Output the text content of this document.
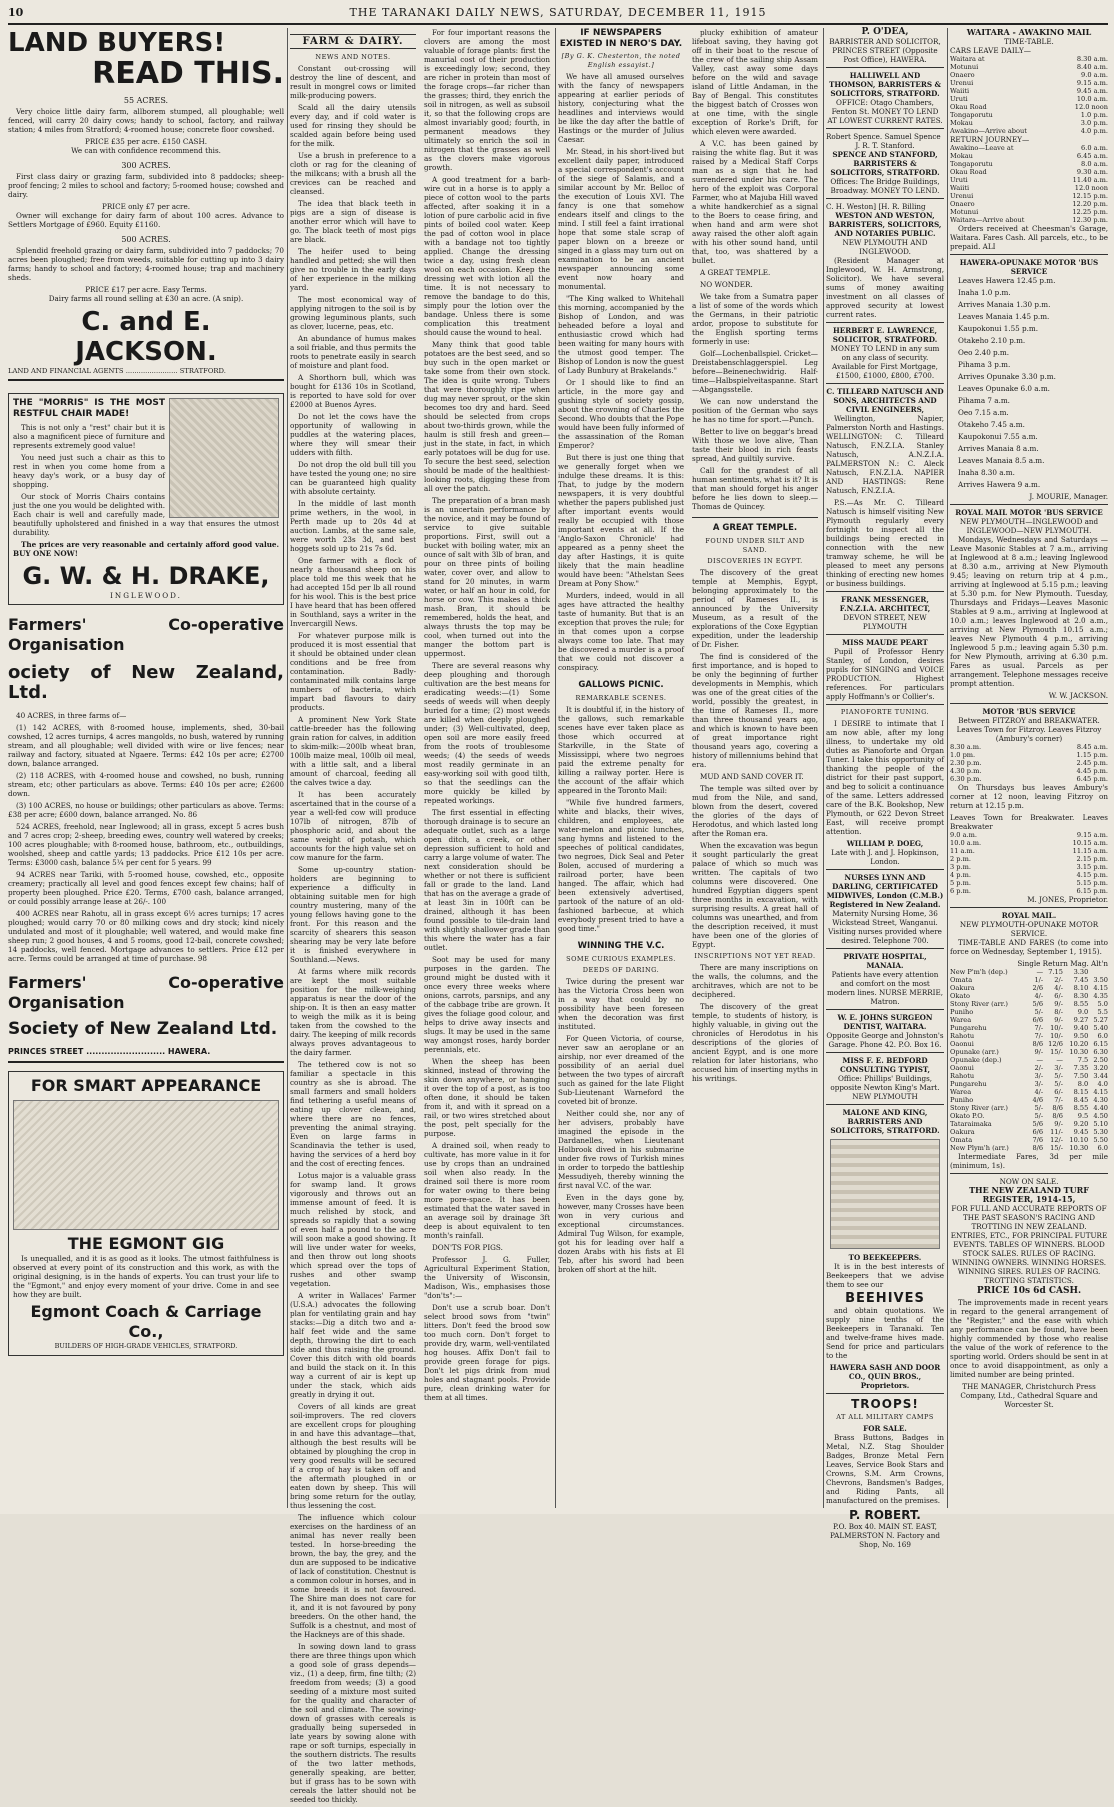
10	THE TARANAKI DAILY NEWS, SATURDAY, DECEMBER 11, 1915
LAND BUYERS!
READ THIS.
55 ACRES.
Very choice little dairy farm, allborem stumped, all ploughable; well fenced, will carry 20 dairy cows; handy to school, factory, and railway station; 4 miles from Stratford; 4-roomed house; concrete floor cowshed.
PRICE £35 per acre. £150 CASH.
We can with confidence recommend this.
300 ACRES.
First class dairy or grazing farm, subdivided into 8 paddocks; sheep-proof fencing; 2 miles to school and factory; 5-roomed house; cowshed and dairy.
PRICE only £7 per acre.
Owner will exchange for dairy farm of about 100 acres. Advance to Settlers Mortgage of £960. Equity £1160.
500 ACRES.
Splendid freehold grazing or dairy farm, subdivided into 7 paddocks; 70 acres been ploughed; free from weeds, suitable for cutting up into 3 dairy farms; handy to school and factory; 4-roomed house; trap and machinery sheds.
PRICE £17 per acre. Easy Terms.
Dairy farms all round selling at £30 an acre. (A snip).
C. and E. JACKSON.
LAND AND FINANCIAL AGENTS ........................ STRATFORD.
THE "MORRIS" IS THE MOST RESTFUL CHAIR MADE!
This is not only a "rest" chair but it is also a magnificent piece of furniture and represents extremely good value!
You need just such a chair as this to rest in when you come home from a heavy day's work, or a busy day of shopping.
Our stock of Morris Chairs contains just the one you would be delighted with. Each chair is well and carefully made, beautifully upholstered and finished in a way that ensures the utmost durability.
The prices are very reasonable and certainly afford good value. BUY ONE NOW!
G. W. & H. DRAKE,
INGLEWOOD.
Farmers' Co-operative Organisation
ociety of New Zealand, Ltd.
40 ACRES, in three farms of—
(1) 142 ACRES, with 8-roomed house, implements, shed, 30-bail cowshed, 12 acres turnips, 4 acres mangolds, no bush, watered by running stream, and all ploughable; well divided with wire or live fences; near railway and factory, situated at Ngaere. Terms: £42 10s per acre; £2700 down, balance arranged.
(2) 118 ACRES, with 4-roomed house and cowshed, no bush, running stream, etc; other particulars as above. Terms: £40 10s per acre; £2600 down.
(3) 100 ACRES, no house or buildings; other particulars as above. Terms: £38 per acre; £600 down, balance arranged. No. 86
524 ACRES, freehold, near Inglewood; all in grass, except 5 acres bush and 7 acres crop; 2-sheep, breeding ewes, country well watered by creeks; 100 acres ploughable; with 8-roomed house, bathroom, etc., outbuildings, woolshed, sheep and cattle yards; 13 paddocks. Price £12 10s per acre. Terms: £3000 cash, balance 5¼ per cent for 5 years. 99
94 ACRES near Tariki, with 5-roomed house, cowshed, etc., opposite creamery; practically all level and good fences except few chains; half of property been ploughed. Price £20. Terms, £700 cash, balance arranged, or could possibly arrange lease at 26/-. 100
400 ACRES near Rahotu, all in grass except 6½ acres turnips; 17 acres ploughed; would carry 70 or 80 milking cows and dry stock; kind nicely undulated and most of it ploughable; well watered, and would make fine sheep run; 2 good houses, 4 and 5 rooms, good 12-bail, concrete cowshed; 14 paddocks, well fenced. Mortgage advances to settlers. Price £12 per acre. Terms could be arranged at time of purchase. 98
Farmers' Co-operative Organisation
Society of New Zealand Ltd.
PRINCES STREET .......................... HAWERA.
FOR SMART APPEARANCE
THE EGMONT GIG
Is unequalled, and it is as good as it looks. The utmost faithfulness is observed at every point of its construction and this work, as with the original designing, is in the hands of experts. You can trust your life to the "Egmont," and enjoy every moment of your drive. Come in and see how they are built.
Egmont Coach & Carriage Co.,
BUILDERS OF HIGH-GRADE VEHICLES, STRATFORD.
FARM & DAIRY.
NEWS AND NOTES.
Constant out-crossing will destroy the line of descent, and result in mongrel cows or limited milk-producing powers.
Scald all the dairy utensils every day, and if cold water is used for rinsing they should be scalded again before being used for the milk.
Use a brush in preference to a cloth or rag for the cleaning of the milkcans; with a brush all the crevices can be reached and cleansed.
The idea that black teeth in pigs are a sign of disease is another error which will have to go. The black teeth of most pigs are black.
The heifer used to being handled and petted; she will then give no trouble in the early days of her experience in the milking yard.
The most economical way of applying nitrogen to the soil is by growing leguminous plants, such as clover, lucerne, peas, etc.
An abundance of humus makes a soil friable, and thus permits the roots to penetrate easily in search of moisture and plant food.
A Shorthorn bull, which was bought for £136 10s in Scotland, is reported to have sold for over £2000 at Buenos Ayres.
Do not let the cows have the opportunity of wallowing in puddles at the watering places, where they will smear their udders with filth.
Do not drop the old bull till you have tested the young one; no sire can be guaranteed high quality with absolute certainty.
In the middle of last month prime wethers, in the wool, in Perth made up to 20s 4d at auction. Lambs, at the same sale, were worth 23s 3d, and best hoggets sold up to 21s 7s 6d.
One farmer with a flock of nearly a thousand sheep on his place told me this week that he had accepted 15d per lb all round for his wool. This is the best price I have heard that has been offered in Southland, says a writer in the Invercargill News.
For whatever purpose milk is produced it is most essential that it should be obtained under clean conditions and be free from contamination. Badly-contaminated milk contains large numbers of bacteria, which impart bad flavours to dairy products.
A prominent New York State cattle-breeder has the following grain ration for calves, in addition to skim-milk:—200lb wheat bran, 100lb maize meal, 100lb oil meal, with a little salt, and a liberal amount of charcoal, feeding all the calves twice a day.
It has been accurately ascertained that in the course of a year a well-fed cow will produce 107lb of nitrogen, 87lb of phosphoric acid, and about the same weight of potash, which accounts for the high value set on cow manure for the farm.
Some up-country station-holders are beginning to experience a difficulty in obtaining suitable men for high country mustering, many of the young fellows having gone to the front. For this reason and the scarcity of shearers this season shearing may be very late before it is finished everywhere in Southland.—News.
At farms where milk records are kept the most suitable position for the milk-weighing apparatus is near the door of the ship-on. It is then an easy matter to weigh the milk as it is being taken from the cowshed to the dairy. The keeping of milk records always proves advantageous to the dairy farmer.
The tethered cow is not so familiar a spectacle in this country as she is abroad. The small farmers and small holders find tethering a useful means of eating up clover clean, and, where there are no fences, preventing the animal straying. Even on large farms in Scandinavia the tether is used, having the services of a herd boy and the cost of erecting fences.
Lotus major is a valuable grass for swamp land. It grows vigorously and throws out an immense amount of feed. It is much relished by stock, and spreads so rapidly that a sowing of even half a pound to the acre will soon make a good showing. It will live under water for weeks, and then throw out long shoots which spread over the tops of rushes and other swamp vegetation.
A writer in Wallaces' Farmer (U.S.A.) advocates the following plan for ventilating grain and hay stacks:—Dig a ditch two and a-half feet wide and the same depth, throwing the dirt to each side and thus raising the ground. Cover this ditch with old boards and build the stack on it. In this way a current of air is kept up under the stack, which aids greatly in drying it out.
Covers of all kinds are great soil-improvers. The red clovers are excellent crops for ploughing in and have this advantage—that, although the best results will be obtained by ploughing the crop in very good results will be secured if a crop of hay is taken off and the aftermath ploughed in or eaten down by sheep. This will bring some return for the outlay, thus lessening the cost.
The influence which colour exercises on the hardiness of an animal has never really been tested. In horse-breeding the brown, the bay, the grey, and the dun are supposed to be indicative of lack of constitution. Chestnut is a common colour in horses, and in some breeds it is not favoured. The Shire man does not care for it, and it is not favoured by pony breeders. On the other hand, the Suffolk is a chestnut, and most of the Hackneys are of this shade.
In sowing down land to grass there are three things upon which a good sole of grass depends—viz., (1) a deep, firm, fine tilth; (2) freedom from weeds; (3) a good seeding of a mixture most suited for the quality and character of the soil and climate. The sowing-down of grasses with cereals is gradually being superseded in late years by sowing alone with rape or soft turnips, especially in the southern districts. The results of the two latter methods, generally speaking, are better, but if grass has to be sown with cereals the latter should not be seeded too thickly.
For four important reasons the clovers are among the most valuable of forage plants: first the manurial cost of their production is exceedingly low; second, they are richer in protein than most of the forage crops—far richer than the grasses; third, they enrich the soil in nitrogen, as well as subsoil it, so that the following crops are almost invariably good; fourth, in permanent meadows they ultimately so enrich the soil in nitrogen that the grasses as well as the clovers make vigorous growth.
A good treatment for a barb-wire cut in a horse is to apply a piece of cotton wool to the parts affected, after soaking it in a lotion of pure carbolic acid in five pints of boiled cool water. Keep the pad of cotton wool in place with a bandage not too tightly applied. Change the dressing twice a day, using fresh clean wool on each occasion. Keep the dressing wet with lotion all the time. It is not necessary to remove the bandage to do this, simply pour the lotion over the bandage. Unless there is some complication this treatment should cause the wound to heal.
Many think that good table potatoes are the best seed, and so buy such in the open market or take some from their own stock. The idea is quite wrong. Tubers that were thoroughly ripe when dug may never sprout, or the skin becomes too dry and hard. Seed should be selected from crops about two-thirds grown, while the haulm is still fresh and green—just in the state, in fact, in which early potatoes will be dug for use. To secure the best seed, selection should be made of the healthiest-looking roots, digging these from all over the patch.
The preparation of a bran mash is an uncertain performance by the novice, and it may be found of service to give suitable proportions. First, swill out a bucket with boiling water, mix an ounce of salt with 3lb of bran, and pour on three pints of boiling water, cover over, and allow to stand for 20 minutes, in warm water, or half an hour in cold, for horse or cow. This makes a thick mash. Bran, it should be remembered, holds the heat, and always thrusts the top may be cool, when turned out into the manger the bottom part is uppermost.
There are several reasons why deep ploughing and thorough cultivation are the best means for eradicating weeds:—(1) Some seeds of weeds will when deeply buried for a time; (2) most weeds are killed when deeply ploughed under; (3) Well-cultivated, deep, open soil are more easily freed from the roots of troublesome weeds; (4) the seeds of weeds most readily germinate in an easy-working soil with good tilth, so that the seedlings can the more quickly be killed by repeated workings.
The first essential in effecting thorough drainage is to secure an adequate outlet, such as a large open ditch, a creek, or other depression sufficient to hold and carry a large volume of water. The next consideration should be whether or not there is sufficient fall or grade to the land. Land that has on the average a grade of at least 3in in 100ft can be drained, although it has been found possible to tile-drain land with slightly shallower grade than this where the water has a fair outlet.
Soot may be used for many purposes in the garden. The ground might be dusted with it once every three weeks where onions, carrots, parsnips, and any of the cabbage tribe are grown. It gives the foliage good colour, and helps to drive away insects and slugs. It may be used in the same way amongst roses, hardy border perennials, etc.
When the sheep has been skinned, instead of throwing the skin down anywhere, or hanging it over the top of a post, as is too often done, it should be taken from it, and with it spread on a rail, or two wires stretched about the post, pelt specially for the purpose.
A drained soil, when ready to cultivate, has more value in it for use by crops than an undrained soil when also ready. In the drained soil there is more room for water owing to there being more pore-space. It has been estimated that the water saved in an average soil by drainage 3ft deep is about equivalent to ten month's rainfall.
DON'TS FOR PIGS.
Professor J. G. Fuller, Agricultural Experiment Station, the University of Wisconsin, Madison, Wis., emphasises those "don'ts":—
Don't use a scrub boar. Don't select brood sows from "twin" litters. Don't feed the brood sow too much corn. Don't forget to provide dry, warm, well-ventilated hog houses. Affix Don't fail to provide green forage for pigs. Don't let pigs drink from mud holes and stagnant pools. Provide pure, clean drinking water for them at all times.
IF NEWSPAPERS EXISTED IN NERO'S DAY.
[By G. K. Chesterton, the noted English essayist.]
We have all amused ourselves with the fancy of newspapers appearing at earlier periods of history, conjecturing what the headlines and interviews would be like the day after the battle of Hastings or the murder of Julius Caesar.
Mr. Stead, in his short-lived but excellent daily paper, introduced a special correspondent's account of the siege of Salamis, and a similar account by Mr. Belloc of the execution of Louis XVI. The fancy is one that somehow endears itself and clings to the mind. I still feel a faint irrational hope that some stale scrap of paper blown on a breeze or singed in a glass may turn out on examination to be an ancient newspaper announcing some event now hoary and monumental.
"The King walked to Whitehall this morning, accompanied by the Bishop of London, and was beheaded before a loyal and enthusiastic crowd which had been waiting for many hours with the utmost good temper. The Bishop of London is now the guest of Lady Bunbury at Brakelands."
Or I should like to find an article, in the more gay and gushing style of society gossip, about the crowning of Charles the Second. Who doubts that the Pope would have been fully informed of the assassination of the Roman Emperor?
But there is just one thing that we generally forget when we indulge these dreams. It is this: That, to judge by the modern newspapers, it is very doubtful whether the papers published just after important events would really be occupied with those important events at all. If the 'Anglo-Saxon Chronicle' had appeared as a penny sheet the day after Hastings, it is quite likely that the main headline would have been: "Athelstan Sees Dream at Pony Show."
Murders, indeed, would in all ages have attracted the healthy taste of humanity. But that is an exception that proves the rule; for in that comes upon a corpse always come too late. That may be discovered a murder is a proof that we could not discover a conspiracy.
GALLOWS PICNIC.
REMARKABLE SCENES.
It is doubtful if, in the history of the gallows, such remarkable scenes have ever taken place as those which occurred at Starkville, in the State of Mississippi, where two negroes paid the extreme penalty for killing a railway porter. Here is the account of the affair which appeared in the Toronto Mail:
"While five hundred farmers, white and blacks, their wives, children, and employees, ate water-melon and picnic lunches, sang hymns and listened to the speeches of political candidates, two negroes, Dick Seal and Peter Bolen, accused of murdering a railroad porter, have been hanged. The affair, which had been extensively advertised, partook of the nature of an old-fashioned barbecue, at which everybody present tried to have a good time."
WINNING THE V.C.
SOME CURIOUS EXAMPLES.
DEEDS OF DARING.
Twice during the present war has the Victoria Cross been won in a way that could by no possibility have been foreseen when the decoration was first instituted.
For Queen Victoria, of course, never saw an aeroplane or an airship, nor ever dreamed of the possibility of an aerial duel between the two types of aircraft such as gained for the late Flight Sub-Lieutenant Warneford the coveted bit of bronze.
Neither could she, nor any of her advisers, probably have imagined the episode in the Dardanelles, when Lieutenant Holbrook dived in his submarine under five rows of Turkish mines in order to torpedo the battleship Messudiyeh, thereby winning the first naval V.C. of the war.
Even in the days gone by, however, many Crosses have been won in very curious and exceptional circumstances. Admiral Tug Wilson, for example, got his for leading over half a dozen Arabs with his fists at El Teb, after his sword had been broken off short at the hilt.
plucky exhibition of amateur lifeboat saving, they having got off in their boat to the rescue of the crew of the sailing ship Assam Valley, cast away some days before on the wild and savage island of Little Andaman, in the Bay of Bengal. This constitutes the biggest batch of Crosses won at one time, with the single exception of Rorke's Drift, for which eleven were awarded.
A V.C. has been gained by raising the white flag. But it was raised by a Medical Staff Corps man as a sign that he had surrendered under his care. The hero of the exploit was Corporal Farmer, who at Majuba Hill waved a white handkerchief as a signal to the Boers to cease firing, and when hand and arm were shot away raised the other aloft again with his other sound hand, until that, too, was shattered by a bullet.
A GREAT TEMPLE.
NO WONDER.
We take from a Sumatra paper a list of some of the words which the Germans, in their patriotic ardor, propose to substitute for the English sporting terms formerly in use:
Golf—Lochenballspiel. Cricket—Dreistabenschlaggerspiel. Leg before—Beinenechwidrig. Half-time—Halbspielveitaspanne. Start—Abgangsstelle.
We can now understand the position of the German who says he has no time for sport.—Punch.
Better to live on beggar's bread With those we love alive, Than taste their blood in rich feasts spread, And guiltily survive.
Call for the grandest of all human sentiments, what is it? It is that man should forget his anger before he lies down to sleep.—Thomas de Quincey.
A GREAT TEMPLE.
FOUND UNDER SILT AND SAND.
DISCOVERIES IN EGYPT.
The discovery of the great temple at Memphis, Egypt, belonging approximately to the period of Rameses II., is announced by the University Museum, as a result of the explorations of the Coxe Egyptian expedition, under the leadership of Dr. Fisher.
The find is considered of the first importance, and is hoped to be only the beginning of further developments in Memphis, which was one of the great cities of the world, possibly the greatest, in the time of Rameses II., more than three thousand years ago, and which is known to have been of great importance right thousand years ago, covering a history of millenniums behind that era.
MUD AND SAND COVER IT.
The temple was silted over by mud from the Nile, and sand, blown from the desert, covered the glories of the days of Herodotus, and which lasted long after the Roman era.
When the excavation was begun it sought particularly the great palace of which so much was written. The capitals of two columns were discovered. One hundred Egyptian diggers spent three months in excavation, with surprising results. A great hall of columns was unearthed, and from the description received, it must have been one of the glories of Egypt.
INSCRIPTIONS NOT YET READ.
There are many inscriptions on the walls, the columns, and the architraves, which are not to be deciphered.
The discovery of the great temple, to students of history, is highly valuable, in giving out the chronicles of Herodotus in his descriptions of the glories of ancient Egypt, and is one more relation for later historians, who accused him of inserting myths in his writings.
P. O'DEA,
BARRISTER AND SOLICITOR,
PRINCES STREET (Opposite Post Office), HAWERA.
HALLIWELL AND THOMSON, BARRISTERS & SOLICITORS, STRATFORD.
OFFICE: Otago Chambers, Fenton St. MONEY TO LEND AT LOWEST CURRENT RATES.
Robert Spence. Samuel Spence
J. R. T. Stanford.
SPENCE AND STANFORD, BARRISTERS & SOLICITORS, STRATFORD.
Offices: The Bridge Buildings, Broadway. MONEY TO LEND.
C. H. Weston] [H. R. Billing
WESTON AND WESTON, BARRISTERS, SOLICITORS, AND NOTARIES PUBLIC.
NEW PLYMOUTH AND INGLEWOOD.
(Resident Manager at Inglewood, W. H. Armstrong, Solicitor). We have several sums of money awaiting investment on all classes of approved security at lowest current rates.
HERBERT E. LAWRENCE, SOLICITOR, STRATFORD.
MONEY TO LEND in any sum on any class of security. Available for First Mortgage, £1500, £1000, £800, £700.
C. TILLEARD NATUSCH AND SONS, ARCHITECTS AND CIVIL ENGINEERS,
Wellington, Napier, Palmerston North and Hastings. WELLINGTON: C. Tilleard Natusch, F.N.Z.I.A. Stanley Natusch, A.N.Z.I.A. PALMERSTON N.: C. Aleck Natusch, F.N.Z.I.A. NAPIER AND HASTINGS: Rene Natusch, F.N.Z.I.A.
P.S.—As Mr. C. Tilleard Natusch is himself visiting New Plymouth regularly every fortnight to inspect all the buildings being erected in connection with the new tramway scheme, he will be pleased to meet any persons thinking of erecting new homes or business buildings.
FRANK MESSENGER, F.N.Z.I.A. ARCHITECT,
DEVON STREET, NEW PLYMOUTH
MISS MAUDE PEART
Pupil of Professor Henry Stanley, of London, desires pupils for SINGING and VOICE PRODUCTION. Highest references. For particulars apply Hoffmann's or Collier's.
PIANOFORTE TUNING.
I DESIRE to intimate that I am now able, after my long illness, to undertake my old duties as Pianoforte and Organ Tuner. I take this opportunity of thanking the people of the district for their past support, and beg to solicit a continuance of the same. Letters addressed care of the B.K. Bookshop, New Plymouth, or 622 Devon Street East, will receive prompt attention.
WILLIAM P. DOEG,
Late with J. and J. Hopkinson, London.
NURSES LYNN AND DARLING, CERTIFICATED MIDWIVES, London (C.M.B.) Registered in New Zealand.
Maternity Nursing Home, 36 Wickstead Street, Wanganui. Visiting nurses provided where desired. Telephone 700.
PRIVATE HOSPITAL, MANAIA.
Patients have every attention and comfort on the most modern lines. NURSE MERRIE, Matron.
W. E. JOHNS SURGEON DENTIST, WAITARA.
Opposite George and Johnston's Garage. Phone 42. P.O. Box 16.
MISS F. E. BEDFORD CONSULTING TYPIST,
Office: Phillips' Buildings, opposite Newton King's Mart. NEW PLYMOUTH
MALONE AND KING, BARRISTERS AND SOLICITORS, STRATFORD.
TO BEEKEEPERS.
It is in the best interests of Beekeepers that we advise them to see our
BEEHIVES
and obtain quotations. We supply nine tenths of the Beekeepers in Taranaki. Ten and twelve-frame hives made. Send for price and particulars to the
HAWERA SASH AND DOOR CO., QUIN BROS., Proprietors.
TROOPS!
AT ALL MILITARY CAMPS
FOR SALE.
Brass Buttons, Badges in Metal, N.Z. Stag Shoulder Badges, Bronze Metal Fern Leaves, Service Book Stars and Crowns, S.M. Arm Crowns, Chevrons, Bandsmen's Badges, and Riding Pants, all manufactured on the premises.
P. ROBERT.
P.O. Box 40. MAIN ST. EAST, PALMERSTON N. Factory and Shop, No. 169
WAITARA - AWAKINO MAIL
TIME-TABLE.
CARS LEAVE DAILY—
Waitara at	8.30 a.m.
Motunui	8.40 a.m.
Onaero	9.0 a.m.
Urenui	9.15 a.m.
Waiiti	9.45 a.m.
Uruti	10.0 a.m.
Okau Road	12.0 noon
Tongaporutu	1.0 p.m.
Mokau	3.0 p.m.
Awakino—Arrive about	4.0 p.m.
RETURN JOURNEY—
Awakino—Leave at	6.0 a.m.
Mokau	6.45 a.m.
Tongaporutu	8.0 a.m.
Okau Road	9.30 a.m.
Uruti	11.40 a.m.
Waiiti	12.0 noon
Urenui	12.15 p.m.
Onaero	12.20 p.m.
Motunui	12.25 p.m.
Waitara—Arrive about	12.30 p.m.
Orders received at Cheesman's Garage, Waitara. Fares Cash. All parcels, etc., to be prepaid. ALI
HAWERA-OPUNAKE MOTOR 'BUS SERVICE
Leaves Hawera 12.45 p.m.
Inaha 1.0 p.m.
Arrives Manaia 1.30 p.m.
Leaves Manaia 1.45 p.m.
Kaupokonui 1.55 p.m.
Otakeho 2.10 p.m.
Oeo 2.40 p.m.
Pihama 3 p.m.
Arrives Opunake 3.30 p.m.
Leaves Opunake 6.0 a.m.
Pihama 7 a.m.
Oeo 7.15 a.m.
Otakeho 7.45 a.m.
Kaupokonui 7.55 a.m.
Arrives Manaia 8 a.m.
Leaves Manaia 8.5 a.m.
Inaha 8.30 a.m.
Arrives Hawera 9 a.m.
J. MOURIE, Manager.
ROYAL MAIL MOTOR 'BUS SERVICE
NEW PLYMOUTH—INGLEWOOD and INGLEWOOD—NEW PLYMOUTH.
Mondays, Wednesdays and Saturdays —Leave Masonic Stables at 7 a.m., arriving at Inglewood at 8 a.m.; leaving Inglewood at 8.30 a.m., arriving at New Plymouth 9.45; leaving on return trip at 4 p.m., arriving at Inglewood at 5.15 p.m.; leaving at 5.30 p.m. for New Plymouth. Tuesday, Thursdays and Fridays—Leaves Masonic Stables at 9 a.m., arriving at Inglewood at 10.0 a.m.; leaves Inglewood at 2.0 a.m., arriving at New Plymouth 10.15 a.m.; leaves New Plymouth 4 p.m., arriving Inglewood 5 p.m.; leaving again 5.30 p.m. for New Plymouth, arriving at 6.30 p.m. Fares as usual. Parcels as per arrangement. Telephone messages receive prompt attention.
W. W. JACKSON.
MOTOR 'BUS SERVICE
Between FITZROY and BREAKWATER. Leaves Town for Fitzroy. Leaves Fitzroy (Ambury's corner)
8.30 a.m.	8.45 a.m.
1.0 pm.	1.15 p.m.
2.30 p.m.	2.45 p.m.
4.30 p.m.	4.45 p.m.
6.30 p.m.	6.45 p.m.
On Thursdays bus leaves Ambury's corner at 12 noon, leaving Fitzroy on return at 12.15 p.m.
Leaves Town for Breakwater. Leaves Breakwater
9.0 a.m.	9.15 a.m.
10.0 a.m.	10.15 a.m.
11 a.m.	11.15 a.m.
2 p.m.	2.15 p.m.
3 p.m.	3.15 p.m.
4 p.m.	4.15 p.m.
5 p.m.	5.15 p.m.
6 p.m.	6.15 p.m.
M. JONES, Proprietor.
ROYAL MAIL.
NEW PLYMOUTH-OPUNAKE MOTOR SERVICE.
TIME-TABLE AND FARES (to come into force on Wednesday, September 1, 1915).
Single Return Mag. Alt'n
New P'm'h (dep.)	—	7.15	3.30	
Omata	1/-	2/-	7.45	3.50
Oakura	2/6	4/-	8.10	4.15
Okato	4/-	6/-	8.30	4.35
Stony River (arr.)	5/6	9/-	8.55	5.0
Puniho	5/-	8/-	9.0	5.5
Warea	6/6	9/-	9.27	5.27
Pungarehu	7/-	10/-	9.40	5.40
Rahotu	7/-	10/-	9.50	6.0
Oaonui	8/6	12/6	10.20	6.15
Opunake (arr.)	9/-	15/-	10.30	6.30
Opunake (dep.)	—	—	7.5	2.50
Oaonui	2/-	3/-	7.35	3.20
Rahotu	3/-	5/-	7.50	3.44
Pungarehu	3/-	5/-	8.0	4.0
Warea	4/-	6/-	8.15	4.15
Puniho	4/6	7/-	8.45	4.30
Stony River (arr.)	5/-	8/6	8.55	4.40
Okato P.O.	5/-	8/6	9.5	4.50
Tataraimaka	5/6	9/-	9.20	5.10
Oakura	6/6	11/-	9.45	5.30
Omata	7/6	12/-	10.10	5.50
New Plym'h (arr.)	8/6	15/-	10.30	6.0
Intermediate Fares, 3d per mile (minimum, 1s).
NOW ON SALE.
THE NEW ZEALAND TURF REGISTER, 1914-15,
FOR FULL AND ACCURATE REPORTS OF THE PAST SEASON'S RACING AND TROTTING IN NEW ZEALAND.
ENTRIES, ETC., FOR PRINCIPAL FUTURE EVENTS. TABLES OF WINNERS. BLOOD STOCK SALES. RULES OF RACING. WINNING OWNERS. WINNING HORSES. WINNING SIRES. RULES OF RACING. TROTTING STATISTICS.
PRICE 10s 6d CASH.
The improvements made in recent years in regard to the general arrangement of the "Register," and the ease with which any performance can be found, have been highly commended by those who realise the value of the work of reference to the sporting world. Orders should be sent in at once to avoid disappointment, as only a limited number are being printed.
THE MANAGER, Christchurch Press Company, Ltd., Cathedral Square and Worcester St.
